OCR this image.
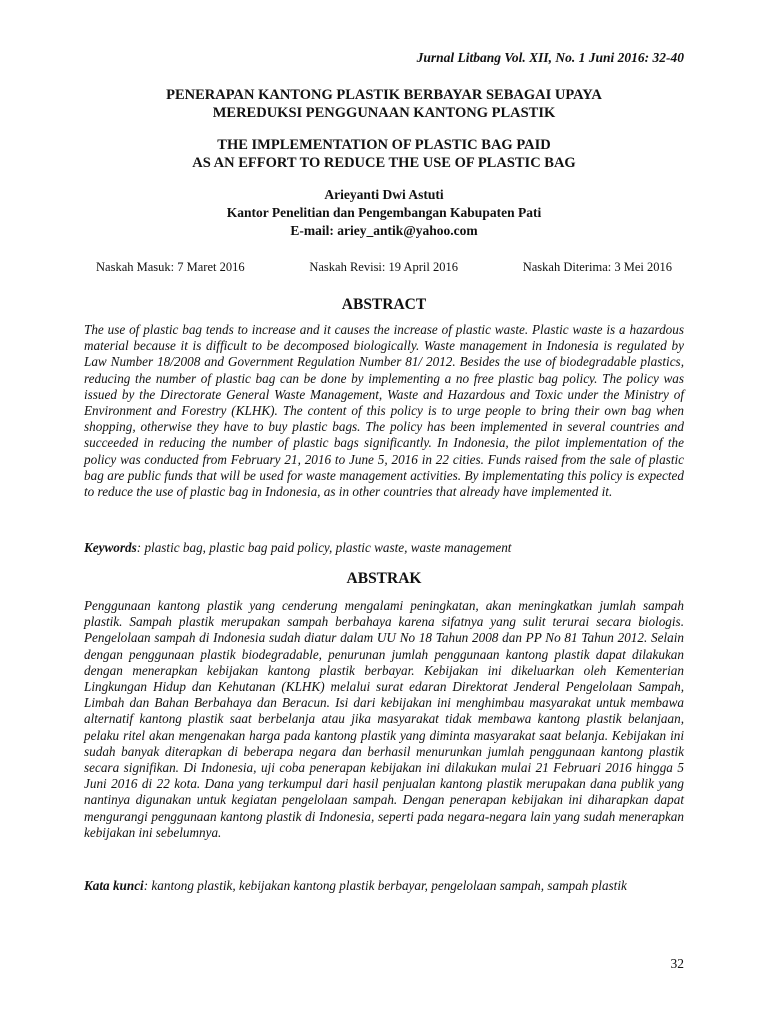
Jurnal Litbang Vol. XII, No. 1 Juni 2016: 32-40

PENERAPAN KANTONG PLASTIK BERBAYAR SEBAGAI UPAYA
MEREDUKSI PENGGUNAAN KANTONG PLASTIK

THE IMPLEMENTATION OF PLASTIC BAG PAID
AS AN EFFORT TO REDUCE THE USE OF PLASTIC BAG

Arieyanti Dwi Astuti
Kantor Penelitian dan Pengembangan Kabupaten Pati
E-mail: ariey_antik@yahoo.com
Naskah Masuk: 7 Maret 2016	Naskah Revisi: 19 April 2016	Naskah Diterima: 3 Mei 2016
ABSTRACT

The use of plastic bag tends to increase and it causes the increase of plastic waste. Plastic waste is a hazardous material because it is difficult to be decomposed biologically. Waste management in Indonesia is regulated by Law Number 18/2008 and Government Regulation Number 81/ 2012. Besides the use of biodegradable plastics, reducing the number of plastic bag can be done by implementing a no free plastic bag policy. The policy was issued by the Directorate General Waste Management, Waste and Hazardous and Toxic under the Ministry of Environment and Forestry (KLHK). The content of this policy is to urge people to bring their own bag when shopping, otherwise they have to buy plastic bags. The policy has been implemented in several countries and succeeded in reducing the number of plastic bags significantly. In Indonesia, the pilot implementation of the policy was conducted from February 21, 2016 to June 5, 2016 in 22 cities. Funds raised from the sale of plastic bag are public funds that will be used for waste management activities. By implementating this policy is expected to reduce the use of plastic bag in Indonesia, as in other countries that already have implemented it.

Keywords: plastic bag, plastic bag paid policy, plastic waste, waste management

ABSTRAK

Penggunaan kantong plastik yang cenderung mengalami peningkatan, akan meningkatkan jumlah sampah plastik. Sampah plastik merupakan sampah berbahaya karena sifatnya yang sulit terurai secara biologis. Pengelolaan sampah di Indonesia sudah diatur dalam UU No 18 Tahun 2008 dan PP No 81 Tahun 2012. Selain dengan penggunaan plastik biodegradable, penurunan jumlah penggunaan kantong plastik dapat dilakukan dengan menerapkan kebijakan kantong plastik berbayar. Kebijakan ini dikeluarkan oleh Kementerian Lingkungan Hidup dan Kehutanan (KLHK) melalui surat edaran Direktorat Jenderal Pengelolaan Sampah, Limbah dan Bahan Berbahaya dan Beracun. Isi dari kebijakan ini menghimbau masyarakat untuk membawa alternatif kantong plastik saat berbelanja atau jika masyarakat tidak membawa kantong plastik belanjaan, pelaku ritel akan mengenakan harga pada kantong plastik yang diminta masyarakat saat belanja. Kebijakan ini sudah banyak diterapkan di beberapa negara dan berhasil menurunkan jumlah penggunaan kantong plastik secara signifikan. Di Indonesia, uji coba penerapan kebijakan ini dilakukan mulai 21 Februari 2016 hingga 5 Juni 2016 di 22 kota. Dana yang terkumpul dari hasil penjualan kantong plastik merupakan dana publik yang nantinya digunakan untuk kegiatan pengelolaan sampah. Dengan penerapan kebijakan ini diharapkan dapat mengurangi penggunaan kantong plastik di Indonesia, seperti pada negara-negara lain yang sudah menerapkan kebijakan ini sebelumnya.

Kata kunci: kantong plastik, kebijakan kantong plastik berbayar, pengelolaan sampah, sampah plastik

32
